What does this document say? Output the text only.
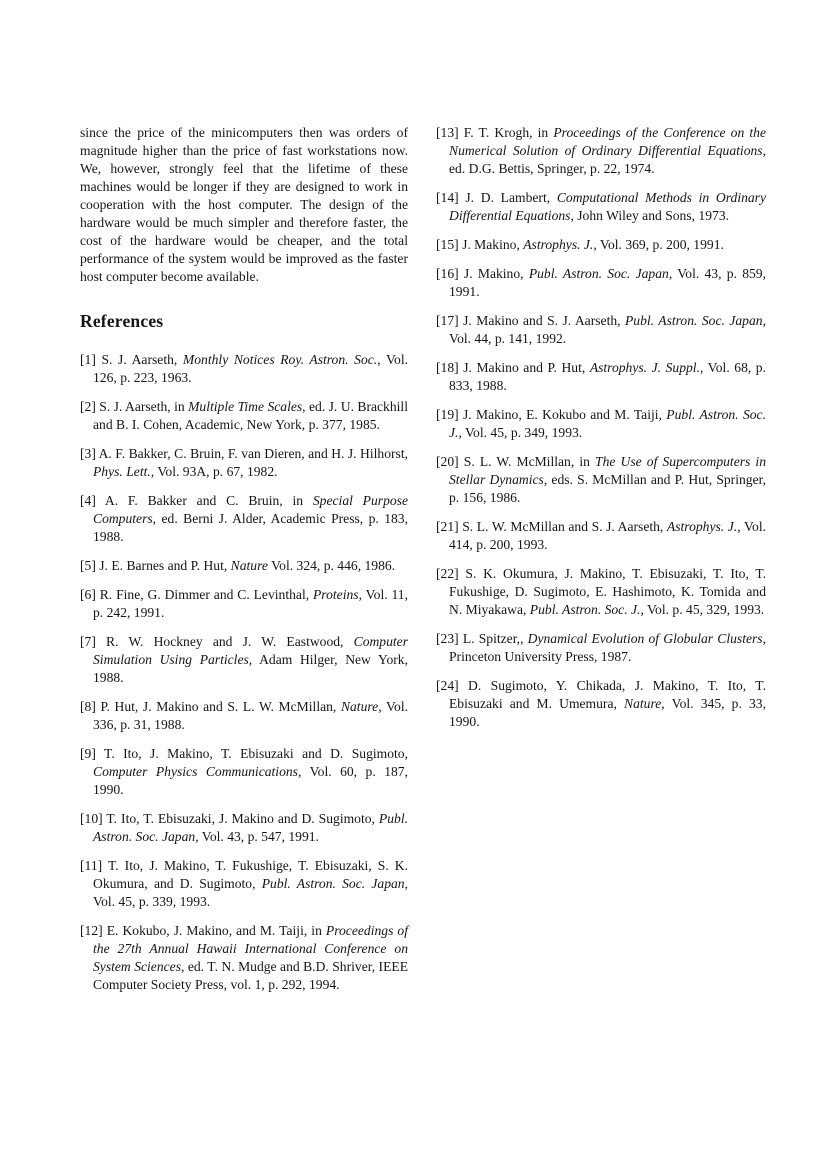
since the price of the minicomputers then was orders of magnitude higher than the price of fast workstations now. We, however, strongly feel that the lifetime of these machines would be longer if they are designed to work in cooperation with the host computer. The design of the hardware would be much simpler and therefore faster, the cost of the hardware would be cheaper, and the total performance of the system would be improved as the faster host computer become available.

References
[1] S. J. Aarseth, Monthly Notices Roy. Astron. Soc., Vol. 126, p. 223, 1963.
[2] S. J. Aarseth, in Multiple Time Scales, ed. J. U. Brackhill and B. I. Cohen, Academic, New York, p. 377, 1985.
[3] A. F. Bakker, C. Bruin, F. van Dieren, and H. J. Hilhorst, Phys. Lett., Vol. 93A, p. 67, 1982.
[4] A. F. Bakker and C. Bruin, in Special Purpose Computers, ed. Berni J. Alder, Academic Press, p. 183, 1988.
[5] J. E. Barnes and P. Hut, Nature Vol. 324, p. 446, 1986.
[6] R. Fine, G. Dimmer and C. Levinthal, Proteins, Vol. 11, p. 242, 1991.
[7] R. W. Hockney and J. W. Eastwood, Computer Simulation Using Particles, Adam Hilger, New York, 1988.
[8] P. Hut, J. Makino and S. L. W. McMillan, Nature, Vol. 336, p. 31, 1988.
[9] T. Ito, J. Makino, T. Ebisuzaki and D. Sugimoto, Computer Physics Communications, Vol. 60, p. 187, 1990.
[10] T. Ito, T. Ebisuzaki, J. Makino and D. Sugimoto, Publ. Astron. Soc. Japan, Vol. 43, p. 547, 1991.
[11] T. Ito, J. Makino, T. Fukushige, T. Ebisuzaki, S. K. Okumura, and D. Sugimoto, Publ. Astron. Soc. Japan, Vol. 45, p. 339, 1993.
[12] E. Kokubo, J. Makino, and M. Taiji, in Proceedings of the 27th Annual Hawaii International Conference on System Sciences, ed. T. N. Mudge and B.D. Shriver, IEEE Computer Society Press, vol. 1, p. 292, 1994.
[13] F. T. Krogh, in Proceedings of the Conference on the Numerical Solution of Ordinary Differential Equations, ed. D.G. Bettis, Springer, p. 22, 1974.
[14] J. D. Lambert, Computational Methods in Ordinary Differential Equations, John Wiley and Sons, 1973.
[15] J. Makino, Astrophys. J., Vol. 369, p. 200, 1991.
[16] J. Makino, Publ. Astron. Soc. Japan, Vol. 43, p. 859, 1991.
[17] J. Makino and S. J. Aarseth, Publ. Astron. Soc. Japan, Vol. 44, p. 141, 1992.
[18] J. Makino and P. Hut, Astrophys. J. Suppl., Vol. 68, p. 833, 1988.
[19] J. Makino, E. Kokubo and M. Taiji, Publ. Astron. Soc. J., Vol. 45, p. 349, 1993.
[20] S. L. W. McMillan, in The Use of Supercomputers in Stellar Dynamics, eds. S. McMillan and P. Hut, Springer, p. 156, 1986.
[21] S. L. W. McMillan and S. J. Aarseth, Astrophys. J., Vol. 414, p. 200, 1993.
[22] S. K. Okumura, J. Makino, T. Ebisuzaki, T. Ito, T. Fukushige, D. Sugimoto, E. Hashimoto, K. Tomida and N. Miyakawa, Publ. Astron. Soc. J., Vol. p. 45, 329, 1993.
[23] L. Spitzer,, Dynamical Evolution of Globular Clusters, Princeton University Press, 1987.
[24] D. Sugimoto, Y. Chikada, J. Makino, T. Ito, T. Ebisuzaki and M. Umemura, Nature, Vol. 345, p. 33, 1990.
